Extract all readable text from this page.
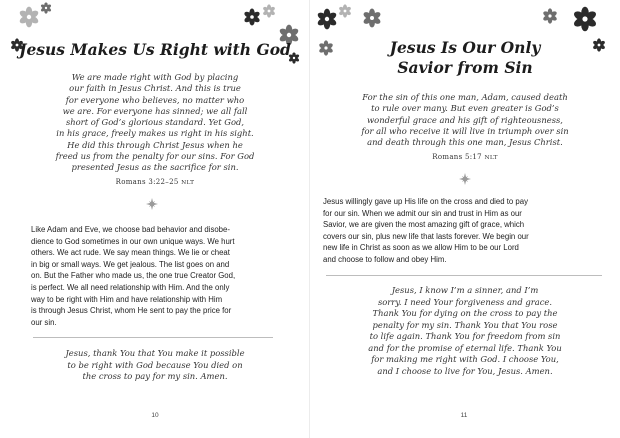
Jesus Makes Us Right with God

We are made right with God by placing
our faith in Jesus Christ. And this is true
for everyone who believes, no matter who
we are. For everyone has sinned; we all fall
short of God’s glorious standard. Yet God,
in his grace, freely makes us right in his sight.
He did this through Christ Jesus when he
freed us from the penalty for our sins. For God
presented Jesus as the sacrifice for sin.

Romans 3:22–25 NLT

Like Adam and Eve, we choose bad behavior and disobe-
dience to God sometimes in our own unique ways. We hurt
others. We act rude. We say mean things. We lie or cheat
in big or small ways. We get jealous. The list goes on and
on. But the Father who made us, the one true Creator God,
is perfect. We all need relationship with Him. And the only
way to be right with Him and have relationship with Him
is through Jesus Christ, whom He sent to pay the price for
our sin.

Jesus, thank You that You make it possible
to be right with God because You died on
the cross to pay for my sin. Amen.

10
Jesus Is Our Only
Savior from Sin

For the sin of this one man, Adam, caused death
to rule over many. But even greater is God’s
wonderful grace and his gift of righteousness,
for all who receive it will live in triumph over sin
and death through this one man, Jesus Christ.

Romans 5:17 NLT

Jesus willingly gave up His life on the cross and died to pay
for our sin. When we admit our sin and trust in Him as our
Savior, we are given the most amazing gift of grace, which
covers our sin, plus new life that lasts forever. We begin our
new life in Christ as soon as we allow Him to be our Lord
and choose to follow and obey Him.

Jesus, I know I’m a sinner, and I’m
sorry. I need Your forgiveness and grace.
Thank You for dying on the cross to pay the
penalty for my sin. Thank You that You rose
to life again. Thank You for freedom from sin
and for the promise of eternal life. Thank You
for making me right with God. I choose You,
and I choose to live for You, Jesus. Amen.

11
